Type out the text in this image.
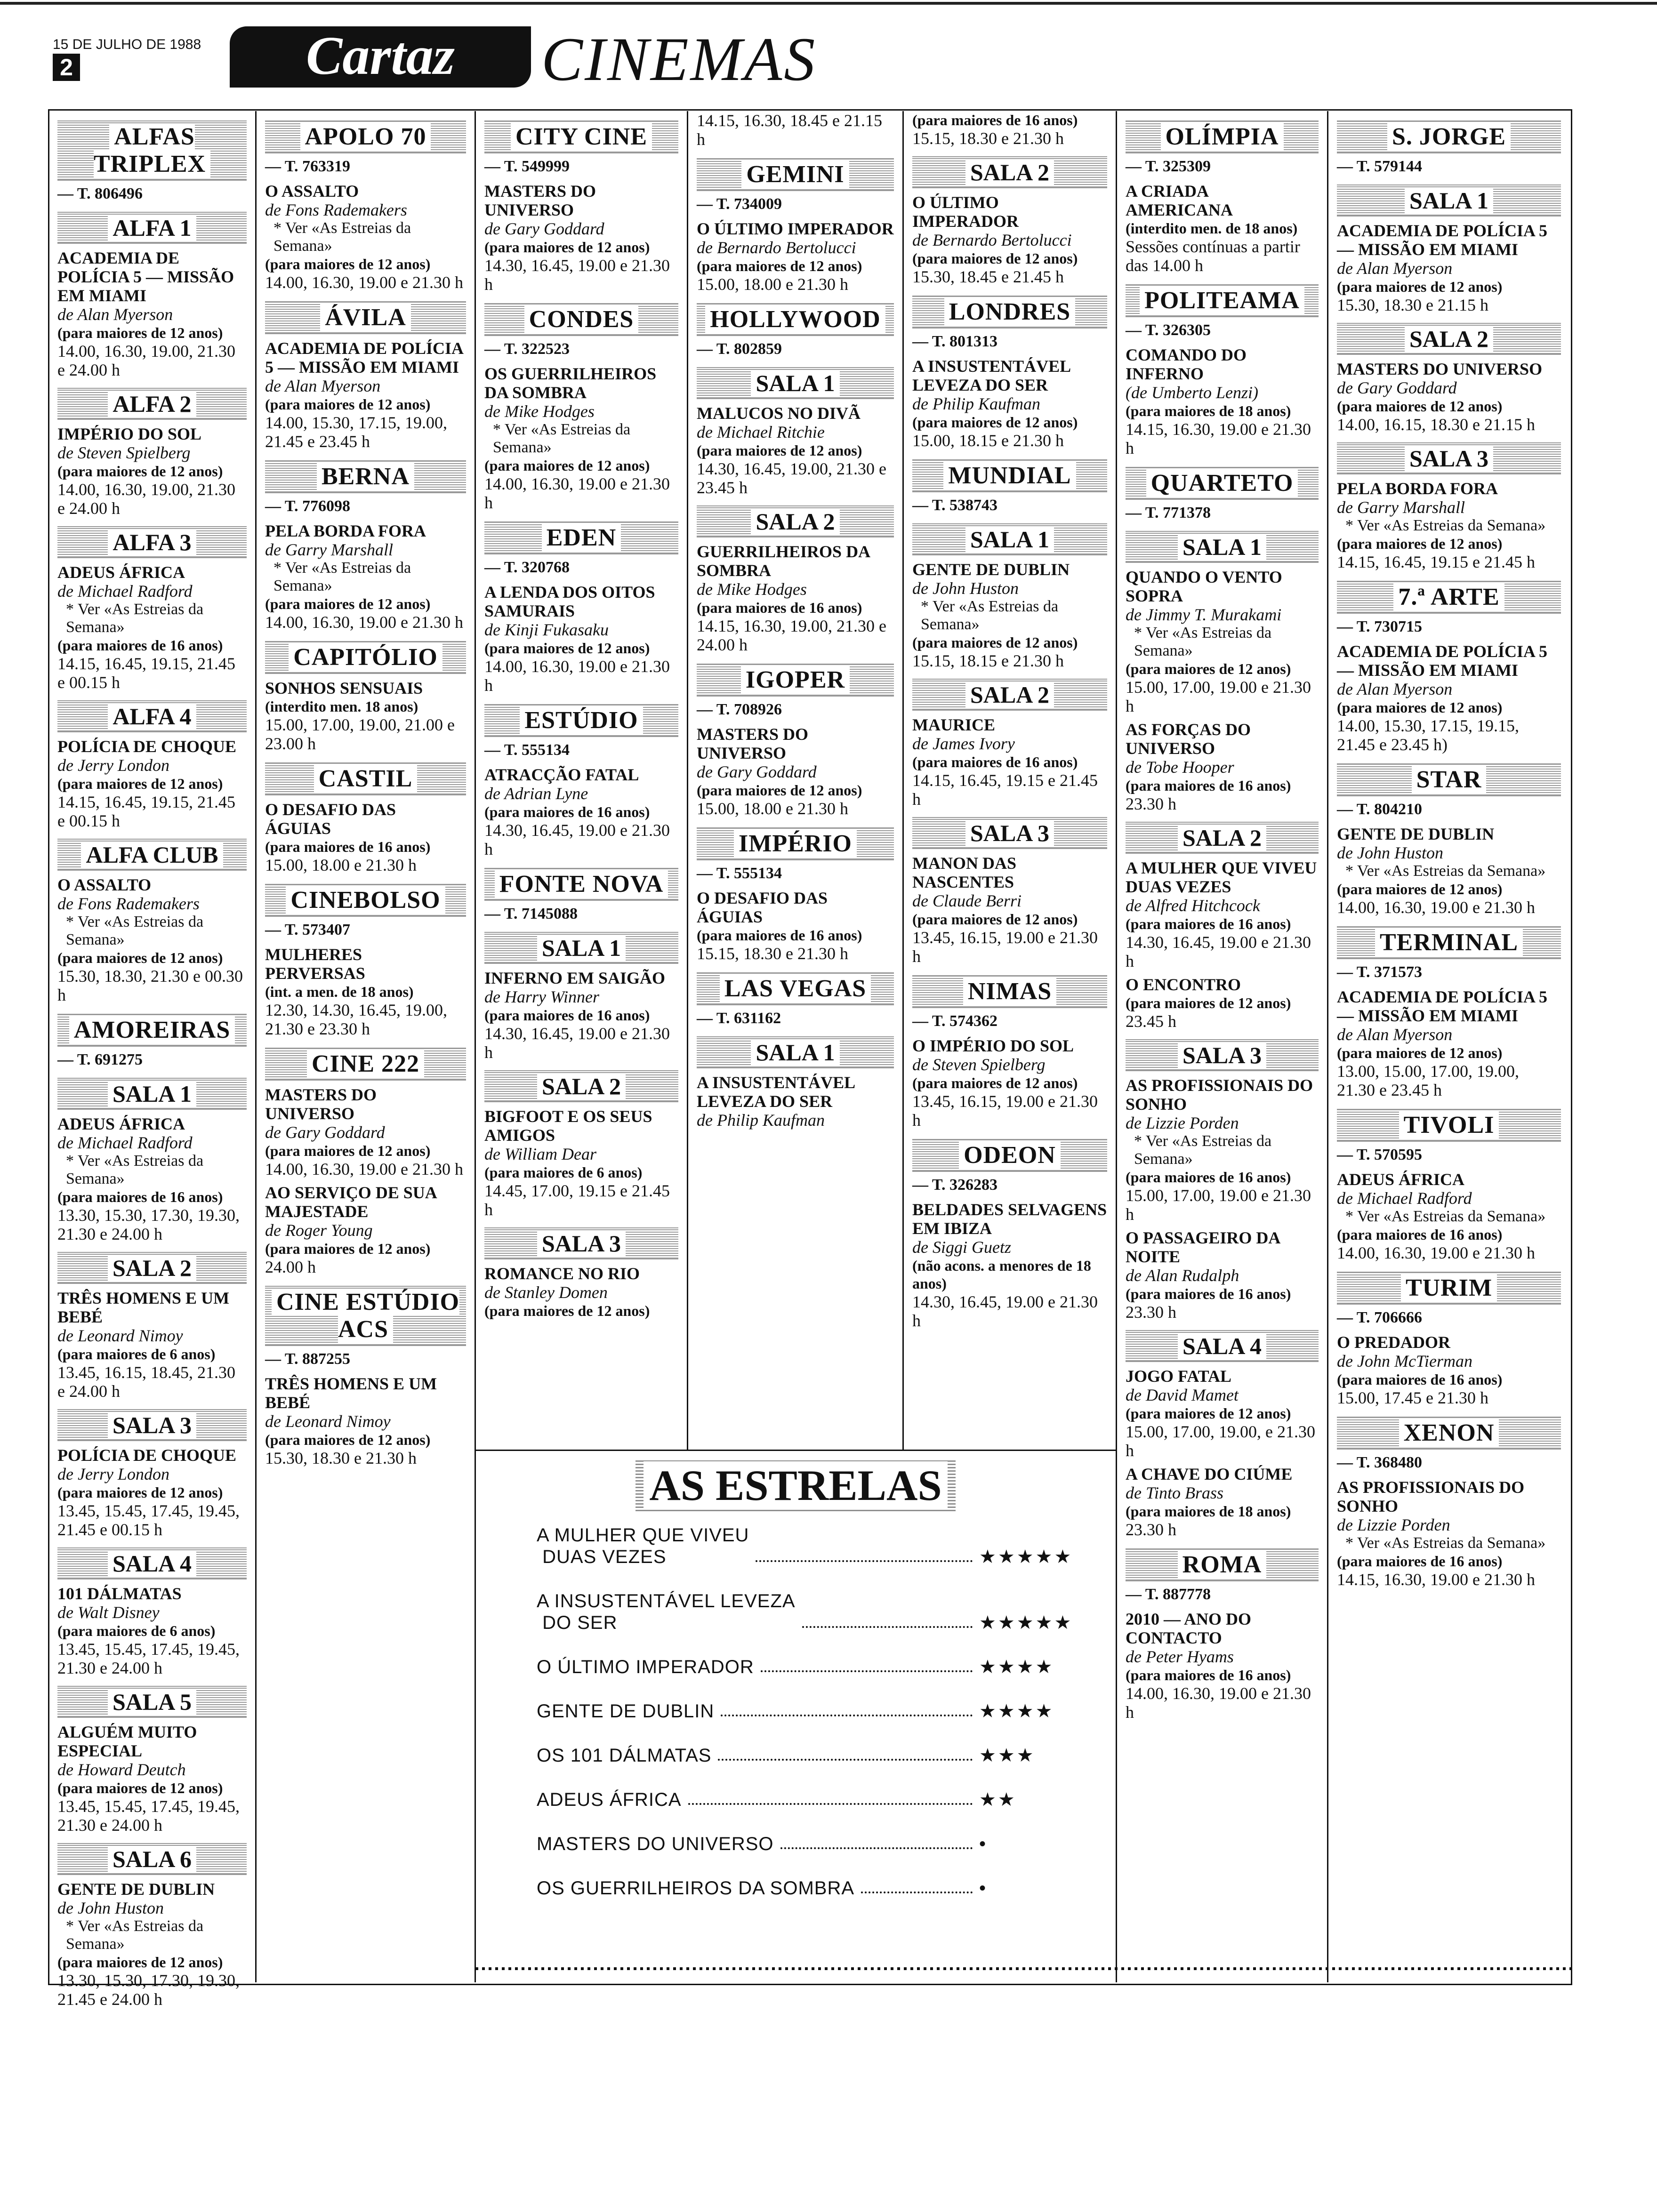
15 DE JULHO DE 1988
2	Cartaz	CINEMAS
ALFAS TRIPLEX
— T. 806496
ALFA 1
ACADEMIA DE POLÍCIA 5 — MISSÃO EM MIAMI
de Alan Myerson
(para maiores de 12 anos)
14.00, 16.30, 19.00, 21.30 e 24.00 h
ALFA 2
IMPÉRIO DO SOL
de Steven Spielberg
(para maiores de 12 anos)
14.00, 16.30, 19.00, 21.30 e 24.00 h
ALFA 3
ADEUS ÁFRICA
de Michael Radford
* Ver «As Estreias da Semana»
(para maiores de 16 anos)
14.15, 16.45, 19.15, 21.45 e 00.15 h
ALFA 4
POLÍCIA DE CHOQUE
de Jerry London
(para maiores de 12 anos)
14.15, 16.45, 19.15, 21.45 e 00.15 h
ALFA CLUB
O ASSALTO
de Fons Rademakers
* Ver «As Estreias da Semana»
(para maiores de 12 anos)
15.30, 18.30, 21.30 e 00.30 h
AMOREIRAS
— T. 691275
SALA 1
ADEUS ÁFRICA
de Michael Radford
* Ver «As Estreias da Semana»
(para maiores de 16 anos)
13.30, 15.30, 17.30, 19.30, 21.30 e 24.00 h
SALA 2
TRÊS HOMENS E UM BEBÉ
de Leonard Nimoy
(para maiores de 6 anos)
13.45, 16.15, 18.45, 21.30 e 24.00 h
SALA 3
POLÍCIA DE CHOQUE
de Jerry London
(para maiores de 12 anos)
13.45, 15.45, 17.45, 19.45, 21.45 e 00.15 h
SALA 4
101 DÁLMATAS
de Walt Disney
(para maiores de 6 anos)
13.45, 15.45, 17.45, 19.45, 21.30 e 24.00 h
SALA 5
ALGUÉM MUITO ESPECIAL
de Howard Deutch
(para maiores de 12 anos)
13.45, 15.45, 17.45, 19.45, 21.30 e 24.00 h
SALA 6
GENTE DE DUBLIN
de John Huston
* Ver «As Estreias da Semana»
(para maiores de 12 anos)
13.30, 15.30, 17.30, 19.30, 21.45 e 24.00 h
APOLO 70
— T. 763319
O ASSALTO
de Fons Rademakers
* Ver «As Estreias da Semana»
(para maiores de 12 anos)
14.00, 16.30, 19.00 e 21.30 h
ÁVILA
ACADEMIA DE POLÍCIA 5 — MISSÃO EM MIAMI
de Alan Myerson
(para maiores de 12 anos)
14.00, 15.30, 17.15, 19.00, 21.45 e 23.45 h
BERNA
— T. 776098
PELA BORDA FORA
de Garry Marshall
* Ver «As Estreias da Semana»
(para maiores de 12 anos)
14.00, 16.30, 19.00 e 21.30 h
CAPITÓLIO
SONHOS SENSUAIS
(interdito men. 18 anos)
15.00, 17.00, 19.00, 21.00 e 23.00 h
CASTIL
O DESAFIO DAS ÁGUIAS
(para maiores de 16 anos)
15.00, 18.00 e 21.30 h
CINEBOLSO
— T. 573407
MULHERES PERVERSAS
(int. a men. de 18 anos)
12.30, 14.30, 16.45, 19.00, 21.30 e 23.30 h
CINE 222
MASTERS DO UNIVERSO
de Gary Goddard
(para maiores de 12 anos)
14.00, 16.30, 19.00 e 21.30 h
AO SERVIÇO DE SUA MAJESTADE
de Roger Young
(para maiores de 12 anos)
24.00 h
CINE ESTÚDIO ACS
— T. 887255
TRÊS HOMENS E UM BEBÉ
de Leonard Nimoy
(para maiores de 12 anos)
15.30, 18.30 e 21.30 h
CITY CINE
— T. 549999
MASTERS DO UNIVERSO
de Gary Goddard
(para maiores de 12 anos)
14.30, 16.45, 19.00 e 21.30 h
CONDES
— T. 322523
OS GUERRILHEIROS DA SOMBRA
de Mike Hodges
* Ver «As Estreias da Semana»
(para maiores de 12 anos)
14.00, 16.30, 19.00 e 21.30 h
EDEN
— T. 320768
A LENDA DOS OITOS SAMURAIS
de Kinji Fukasaku
(para maiores de 12 anos)
14.00, 16.30, 19.00 e 21.30 h
ESTÚDIO
— T. 555134
ATRACÇÃO FATAL
de Adrian Lyne
(para maiores de 16 anos)
14.30, 16.45, 19.00 e 21.30 h
FONTE NOVA
— T. 7145088
SALA 1
INFERNO EM SAIGÃO
de Harry Winner
(para maiores de 16 anos)
14.30, 16.45, 19.00 e 21.30 h
SALA 2
BIGFOOT E OS SEUS AMIGOS
de William Dear
(para maiores de 6 anos)
14.45, 17.00, 19.15 e 21.45 h
SALA 3
ROMANCE NO RIO
de Stanley Domen
(para maiores de 12 anos)
14.15, 16.30, 18.45 e 21.15 h
GEMINI
— T. 734009
O ÚLTIMO IMPERADOR
de Bernardo Bertolucci
(para maiores de 12 anos)
15.00, 18.00 e 21.30 h
HOLLYWOOD
— T. 802859
SALA 1
MALUCOS NO DIVÃ
de Michael Ritchie
(para maiores de 12 anos)
14.30, 16.45, 19.00, 21.30 e 23.45 h
SALA 2
GUERRILHEIROS DA SOMBRA
de Mike Hodges
(para maiores de 16 anos)
14.15, 16.30, 19.00, 21.30 e 24.00 h
IGOPER
— T. 708926
MASTERS DO UNIVERSO
de Gary Goddard
(para maiores de 12 anos)
15.00, 18.00 e 21.30 h
IMPÉRIO
— T. 555134
O DESAFIO DAS ÁGUIAS
(para maiores de 16 anos)
15.15, 18.30 e 21.30 h
LAS VEGAS
— T. 631162
SALA 1
A INSUSTENTÁVEL LEVEZA DO SER
de Philip Kaufman
(para maiores de 16 anos)
15.15, 18.30 e 21.30 h
SALA 2
O ÚLTIMO IMPERADOR
de Bernardo Bertolucci
(para maiores de 12 anos)
15.30, 18.45 e 21.45 h
LONDRES
— T. 801313
A INSUSTENTÁVEL LEVEZA DO SER
de Philip Kaufman
(para maiores de 12 anos)
15.00, 18.15 e 21.30 h
MUNDIAL
— T. 538743
SALA 1
GENTE DE DUBLIN
de John Huston
* Ver «As Estreias da Semana»
(para maiores de 12 anos)
15.15, 18.15 e 21.30 h
SALA 2
MAURICE
de James Ivory
(para maiores de 16 anos)
14.15, 16.45, 19.15 e 21.45 h
SALA 3
MANON DAS NASCENTES
de Claude Berri
(para maiores de 12 anos)
13.45, 16.15, 19.00 e 21.30 h
NIMAS
— T. 574362
O IMPÉRIO DO SOL
de Steven Spielberg
(para maiores de 12 anos)
13.45, 16.15, 19.00 e 21.30 h
ODEON
— T. 326283
BELDADES SELVAGENS EM IBIZA
de Siggi Guetz
(não acons. a menores de 18 anos)
14.30, 16.45, 19.00 e 21.30 h
OLÍMPIA
— T. 325309
A CRIADA AMERICANA
(interdito men. de 18 anos)
Sessões contínuas a partir das 14.00 h
POLITEAMA
— T. 326305
COMANDO DO INFERNO
(de Umberto Lenzi)
(para maiores de 18 anos)
14.15, 16.30, 19.00 e 21.30 h
QUARTETO
— T. 771378
SALA 1
QUANDO O VENTO SOPRA
de Jimmy T. Murakami
* Ver «As Estreias da Semana»
(para maiores de 12 anos)
15.00, 17.00, 19.00 e 21.30 h
AS FORÇAS DO UNIVERSO
de Tobe Hooper
(para maiores de 16 anos)
23.30 h
SALA 2
A MULHER QUE VIVEU DUAS VEZES
de Alfred Hitchcock
(para maiores de 16 anos)
14.30, 16.45, 19.00 e 21.30 h
O ENCONTRO
(para maiores de 12 anos)
23.45 h
SALA 3
AS PROFISSIONAIS DO SONHO
de Lizzie Porden
* Ver «As Estreias da Semana»
(para maiores de 16 anos)
15.00, 17.00, 19.00 e 21.30 h
O PASSAGEIRO DA NOITE
de Alan Rudalph
(para maiores de 16 anos)
23.30 h
SALA 4
JOGO FATAL
de David Mamet
(para maiores de 12 anos)
15.00, 17.00, 19.00, e 21.30 h
A CHAVE DO CIÚME
de Tinto Brass
(para maiores de 18 anos)
23.30 h
ROMA
— T. 887778
2010 — ANO DO CONTACTO
de Peter Hyams
(para maiores de 16 anos)
14.00, 16.30, 19.00 e 21.30 h
S. JORGE
— T. 579144
SALA 1
ACADEMIA DE POLÍCIA 5 — MISSÃO EM MIAMI
de Alan Myerson
(para maiores de 12 anos)
15.30, 18.30 e 21.15 h
SALA 2
MASTERS DO UNIVERSO
de Gary Goddard
(para maiores de 12 anos)
14.00, 16.15, 18.30 e 21.15 h
SALA 3
PELA BORDA FORA
de Garry Marshall
* Ver «As Estreias da Semana»
(para maiores de 12 anos)
14.15, 16.45, 19.15 e 21.45 h
7.ª ARTE
— T. 730715
ACADEMIA DE POLÍCIA 5 — MISSÃO EM MIAMI
de Alan Myerson
(para maiores de 12 anos)
14.00, 15.30, 17.15, 19.15, 21.45 e 23.45 h)
STAR
— T. 804210
GENTE DE DUBLIN
de John Huston
* Ver «As Estreias da Semana»
(para maiores de 12 anos)
14.00, 16.30, 19.00 e 21.30 h
TERMINAL
— T. 371573
ACADEMIA DE POLÍCIA 5 — MISSÃO EM MIAMI
de Alan Myerson
(para maiores de 12 anos)
13.00, 15.00, 17.00, 19.00, 21.30 e 23.45 h
TIVOLI
— T. 570595
ADEUS ÁFRICA
de Michael Radford
* Ver «As Estreias da Semana»
(para maiores de 16 anos)
14.00, 16.30, 19.00 e 21.30 h
TURIM
— T. 706666
O PREDADOR
de John McTierman
(para maiores de 16 anos)
15.00, 17.45 e 21.30 h
XENON
— T. 368480
AS PROFISSIONAIS DO SONHO
de Lizzie Porden
* Ver «As Estreias da Semana»
(para maiores de 16 anos)
14.15, 16.30, 19.00 e 21.30 h
AS ESTRELAS
A MULHER QUE VIVEU
DUAS VEZES	★★★★★
A INSUSTENTÁVEL LEVEZA
DO SER	★★★★★
O ÚLTIMO IMPERADOR	★★★★
GENTE DE DUBLIN	★★★★
OS 101 DÁLMATAS	★★★
ADEUS ÁFRICA	★★
MASTERS DO UNIVERSO	•
OS GUERRILHEIROS DA SOMBRA	•
